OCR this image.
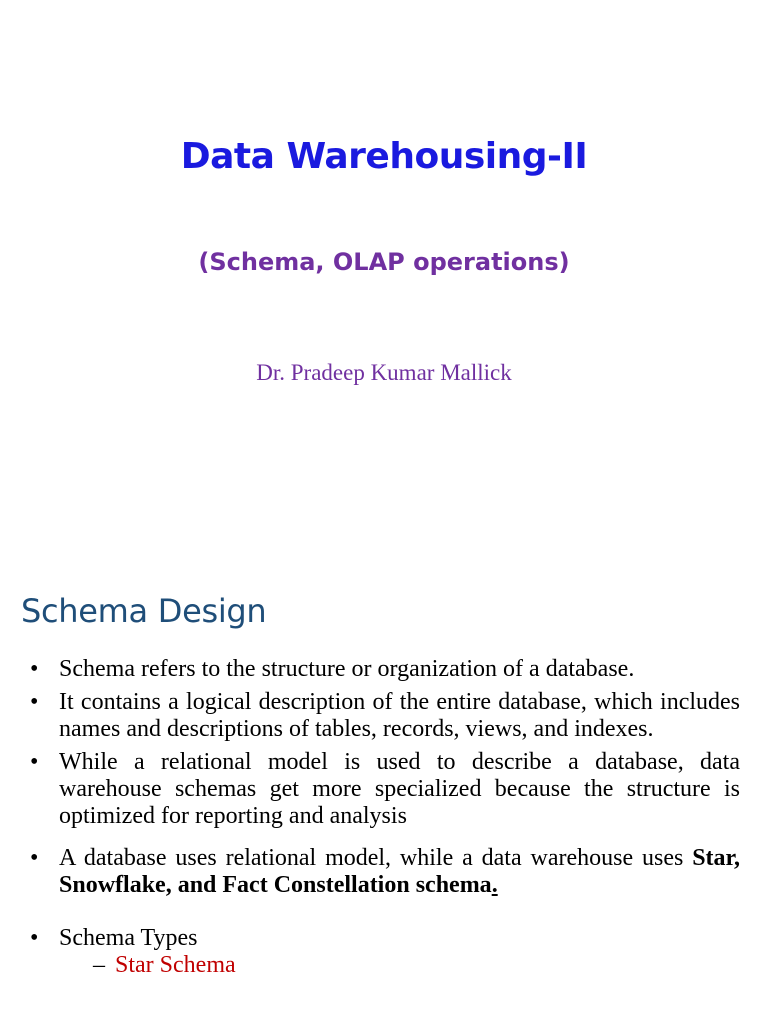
Data Warehousing-II
(Schema, OLAP operations)
Dr. Pradeep Kumar Mallick
Schema Design
• Schema refers to the structure or organization of a database.
• It contains a logical description of the entire database, which includes names and descriptions of tables, records, views, and indexes.
• While a relational model is used to describe a database, data warehouse schemas get more specialized because the structure is optimized for reporting and analysis
• A database uses relational model, while a data warehouse uses Star, Snowflake, and Fact Constellation schema.
• Schema Types
– Star Schema
